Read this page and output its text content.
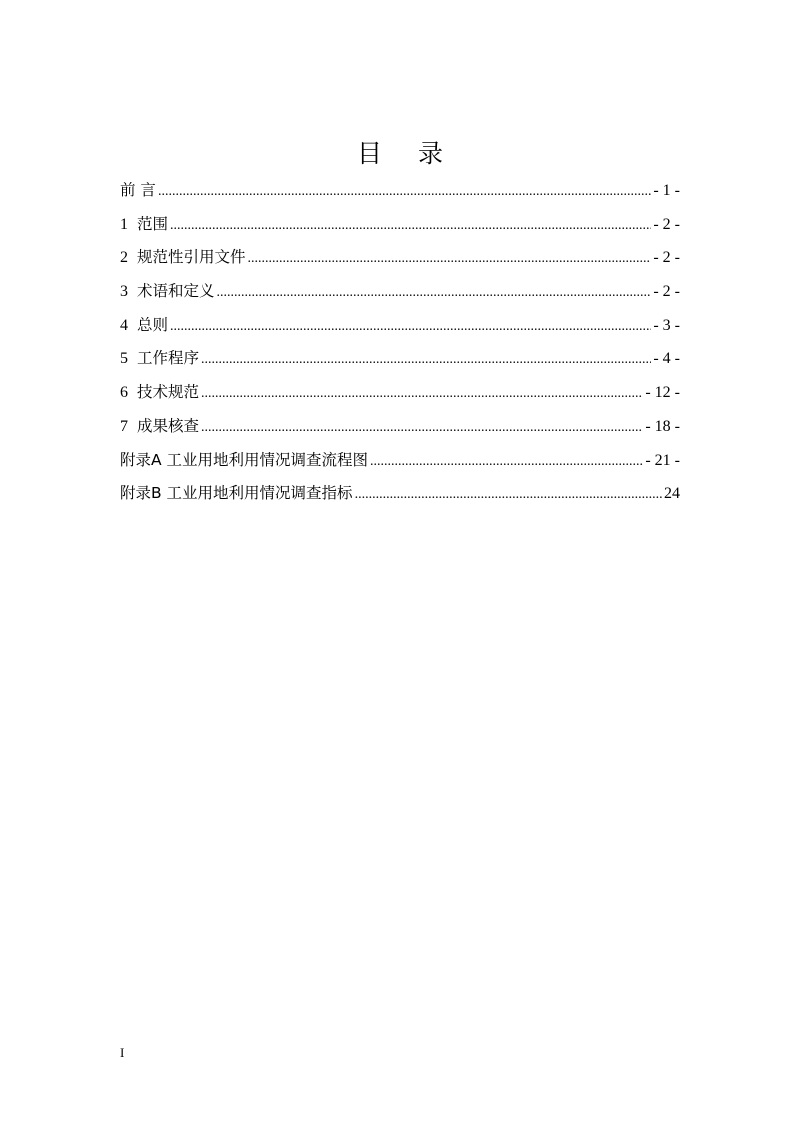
目 录
前 言 .....	- 1 -
1 范围 .....	- 2 -
2 规范性引用文件 .....	- 2 -
3 术语和定义 .....	- 2 -
4 总则 .....	- 3 -
5 工作程序 .....	- 4 -
6 技术规范 .....	- 12 -
7 成果核查 .....	- 18 -
附录A 工业用地利用情况调查流程图 .....	- 21 -
附录B 工业用地利用情况调查指标 .....	24
I
